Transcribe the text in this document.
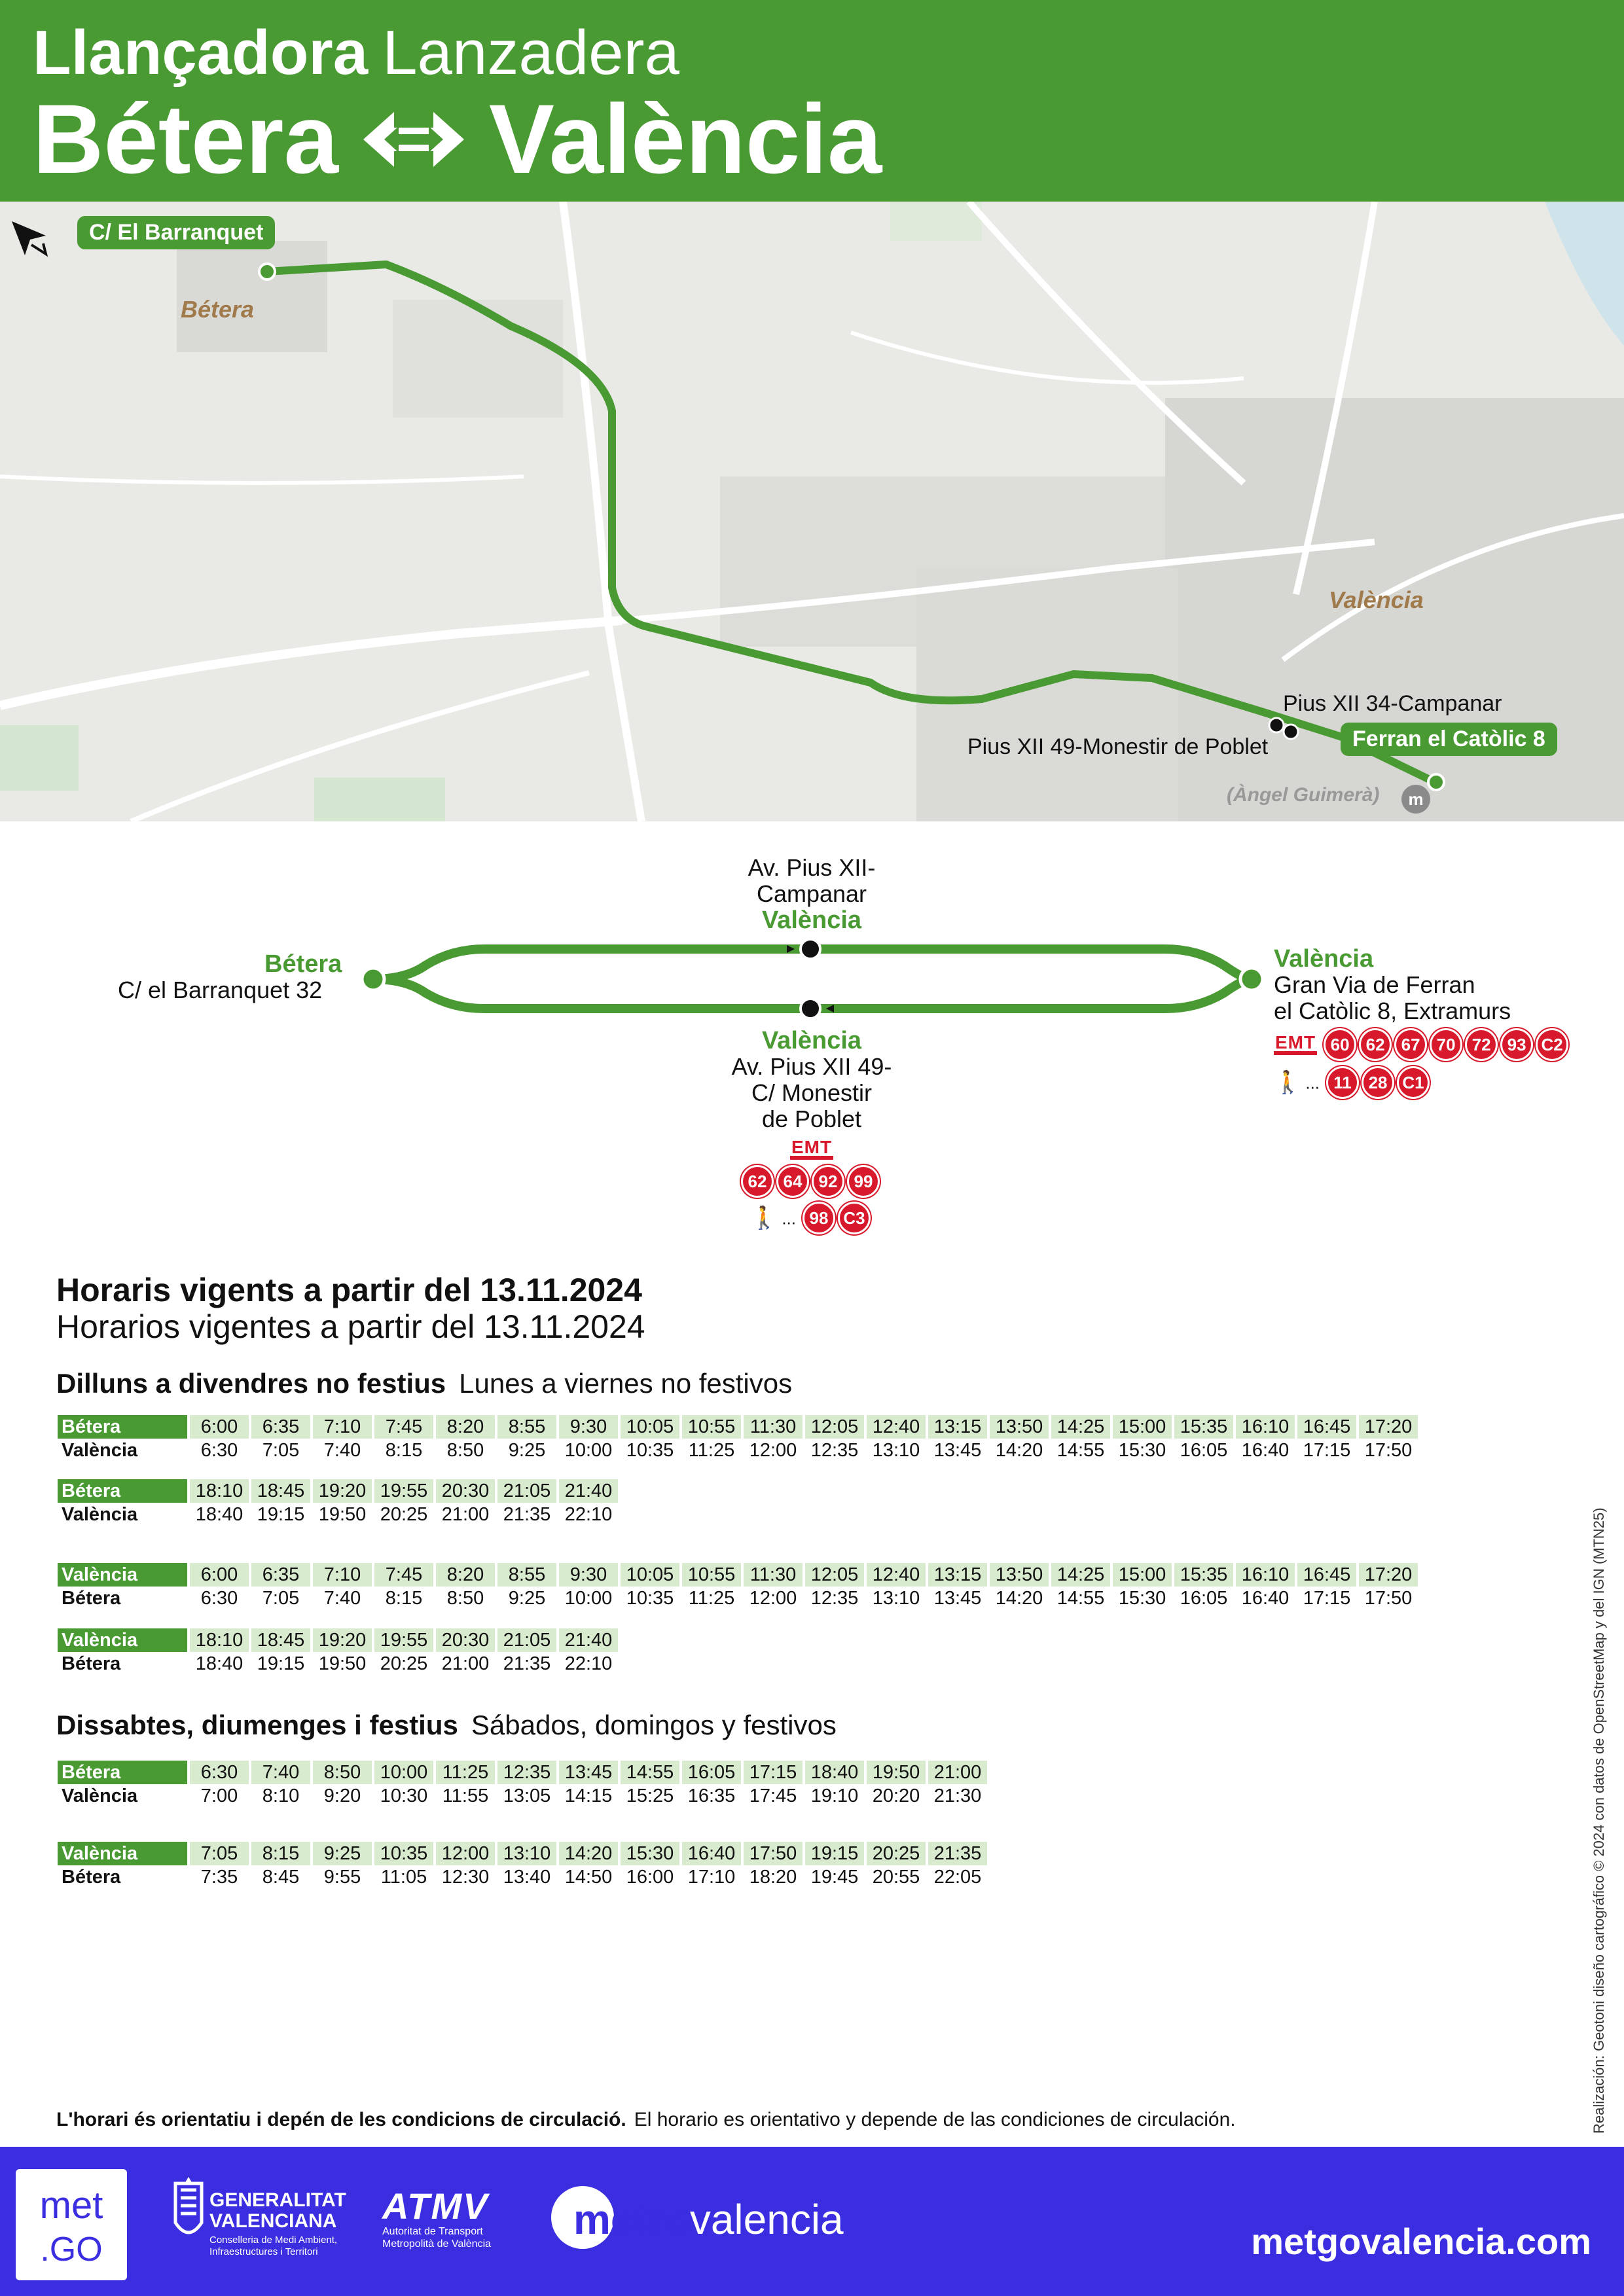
Llançadora Lanzadera
Bétera València
m
C/ El Barranquet
Bétera
València
Pius XII 34-Campanar
Pius XII 49-Monestir de Poblet	Ferran el Catòlic 8
(Àngel Guimerà)
Bétera
C/ el Barranquet 32
Av. Pius XII-
Campanar
València
València
Av. Pius XII 49-
C/ Monestir
de Poblet
EMT
62 64 92 99
🚶 ... 98 C3
València
Gran Via de Ferran
el Catòlic 8, Extramurs
EMT 60 62 67 70 72 93 C2
🚶 ... 11 28 C1
Horaris vigents a partir del 13.11.2024
Horarios vigentes a partir del 13.11.2024
Dilluns a divendres no festius Lunes a viernes no festivos
Bétera	6:00	6:35	7:10	7:45	8:20	8:55	9:30	10:05	10:55	11:30	12:05	12:40	13:15	13:50	14:25	15:00	15:35	16:10	16:45	17:20
València	6:30	7:05	7:40	8:15	8:50	9:25	10:00	10:35	11:25	12:00	12:35	13:10	13:45	14:20	14:55	15:30	16:05	16:40	17:15	17:50
Bétera	18:10	18:45	19:20	19:55	20:30	21:05	21:40
València	18:40	19:15	19:50	20:25	21:00	21:35	22:10
València	6:00	6:35	7:10	7:45	8:20	8:55	9:30	10:05	10:55	11:30	12:05	12:40	13:15	13:50	14:25	15:00	15:35	16:10	16:45	17:20
Bétera	6:30	7:05	7:40	8:15	8:50	9:25	10:00	10:35	11:25	12:00	12:35	13:10	13:45	14:20	14:55	15:30	16:05	16:40	17:15	17:50
València	18:10	18:45	19:20	19:55	20:30	21:05	21:40
Bétera	18:40	19:15	19:50	20:25	21:00	21:35	22:10
Dissabtes, diumenges i festius Sábados, domingos y festivos
Bétera	6:30	7:40	8:50	10:00	11:25	12:35	13:45	14:55	16:05	17:15	18:40	19:50	21:00
València	7:00	8:10	9:20	10:30	11:55	13:05	14:15	15:25	16:35	17:45	19:10	20:20	21:30
València	7:05	8:15	9:25	10:35	12:00	13:10	14:20	15:30	16:40	17:50	19:15	20:25	21:35
Bétera	7:35	8:45	9:55	11:05	12:30	13:40	14:50	16:00	17:10	18:20	19:45	20:55	22:05
L'horari és orientatiu i depén de les condicions de circulació. El horario es orientativo y depende de las condiciones de circulación.	Realización: Geotoni diseño cartográfico © 2024 con datos de OpenStreetMap y del IGN (MTN25)
met
.GO
GENERALITAT
VALENCIANA
Conselleria de Medi Ambient,
Infraestructures i Territori
ATMV
Autoritat de Transport
Metropolità de València
metrovalencia	metgovalencia.com
